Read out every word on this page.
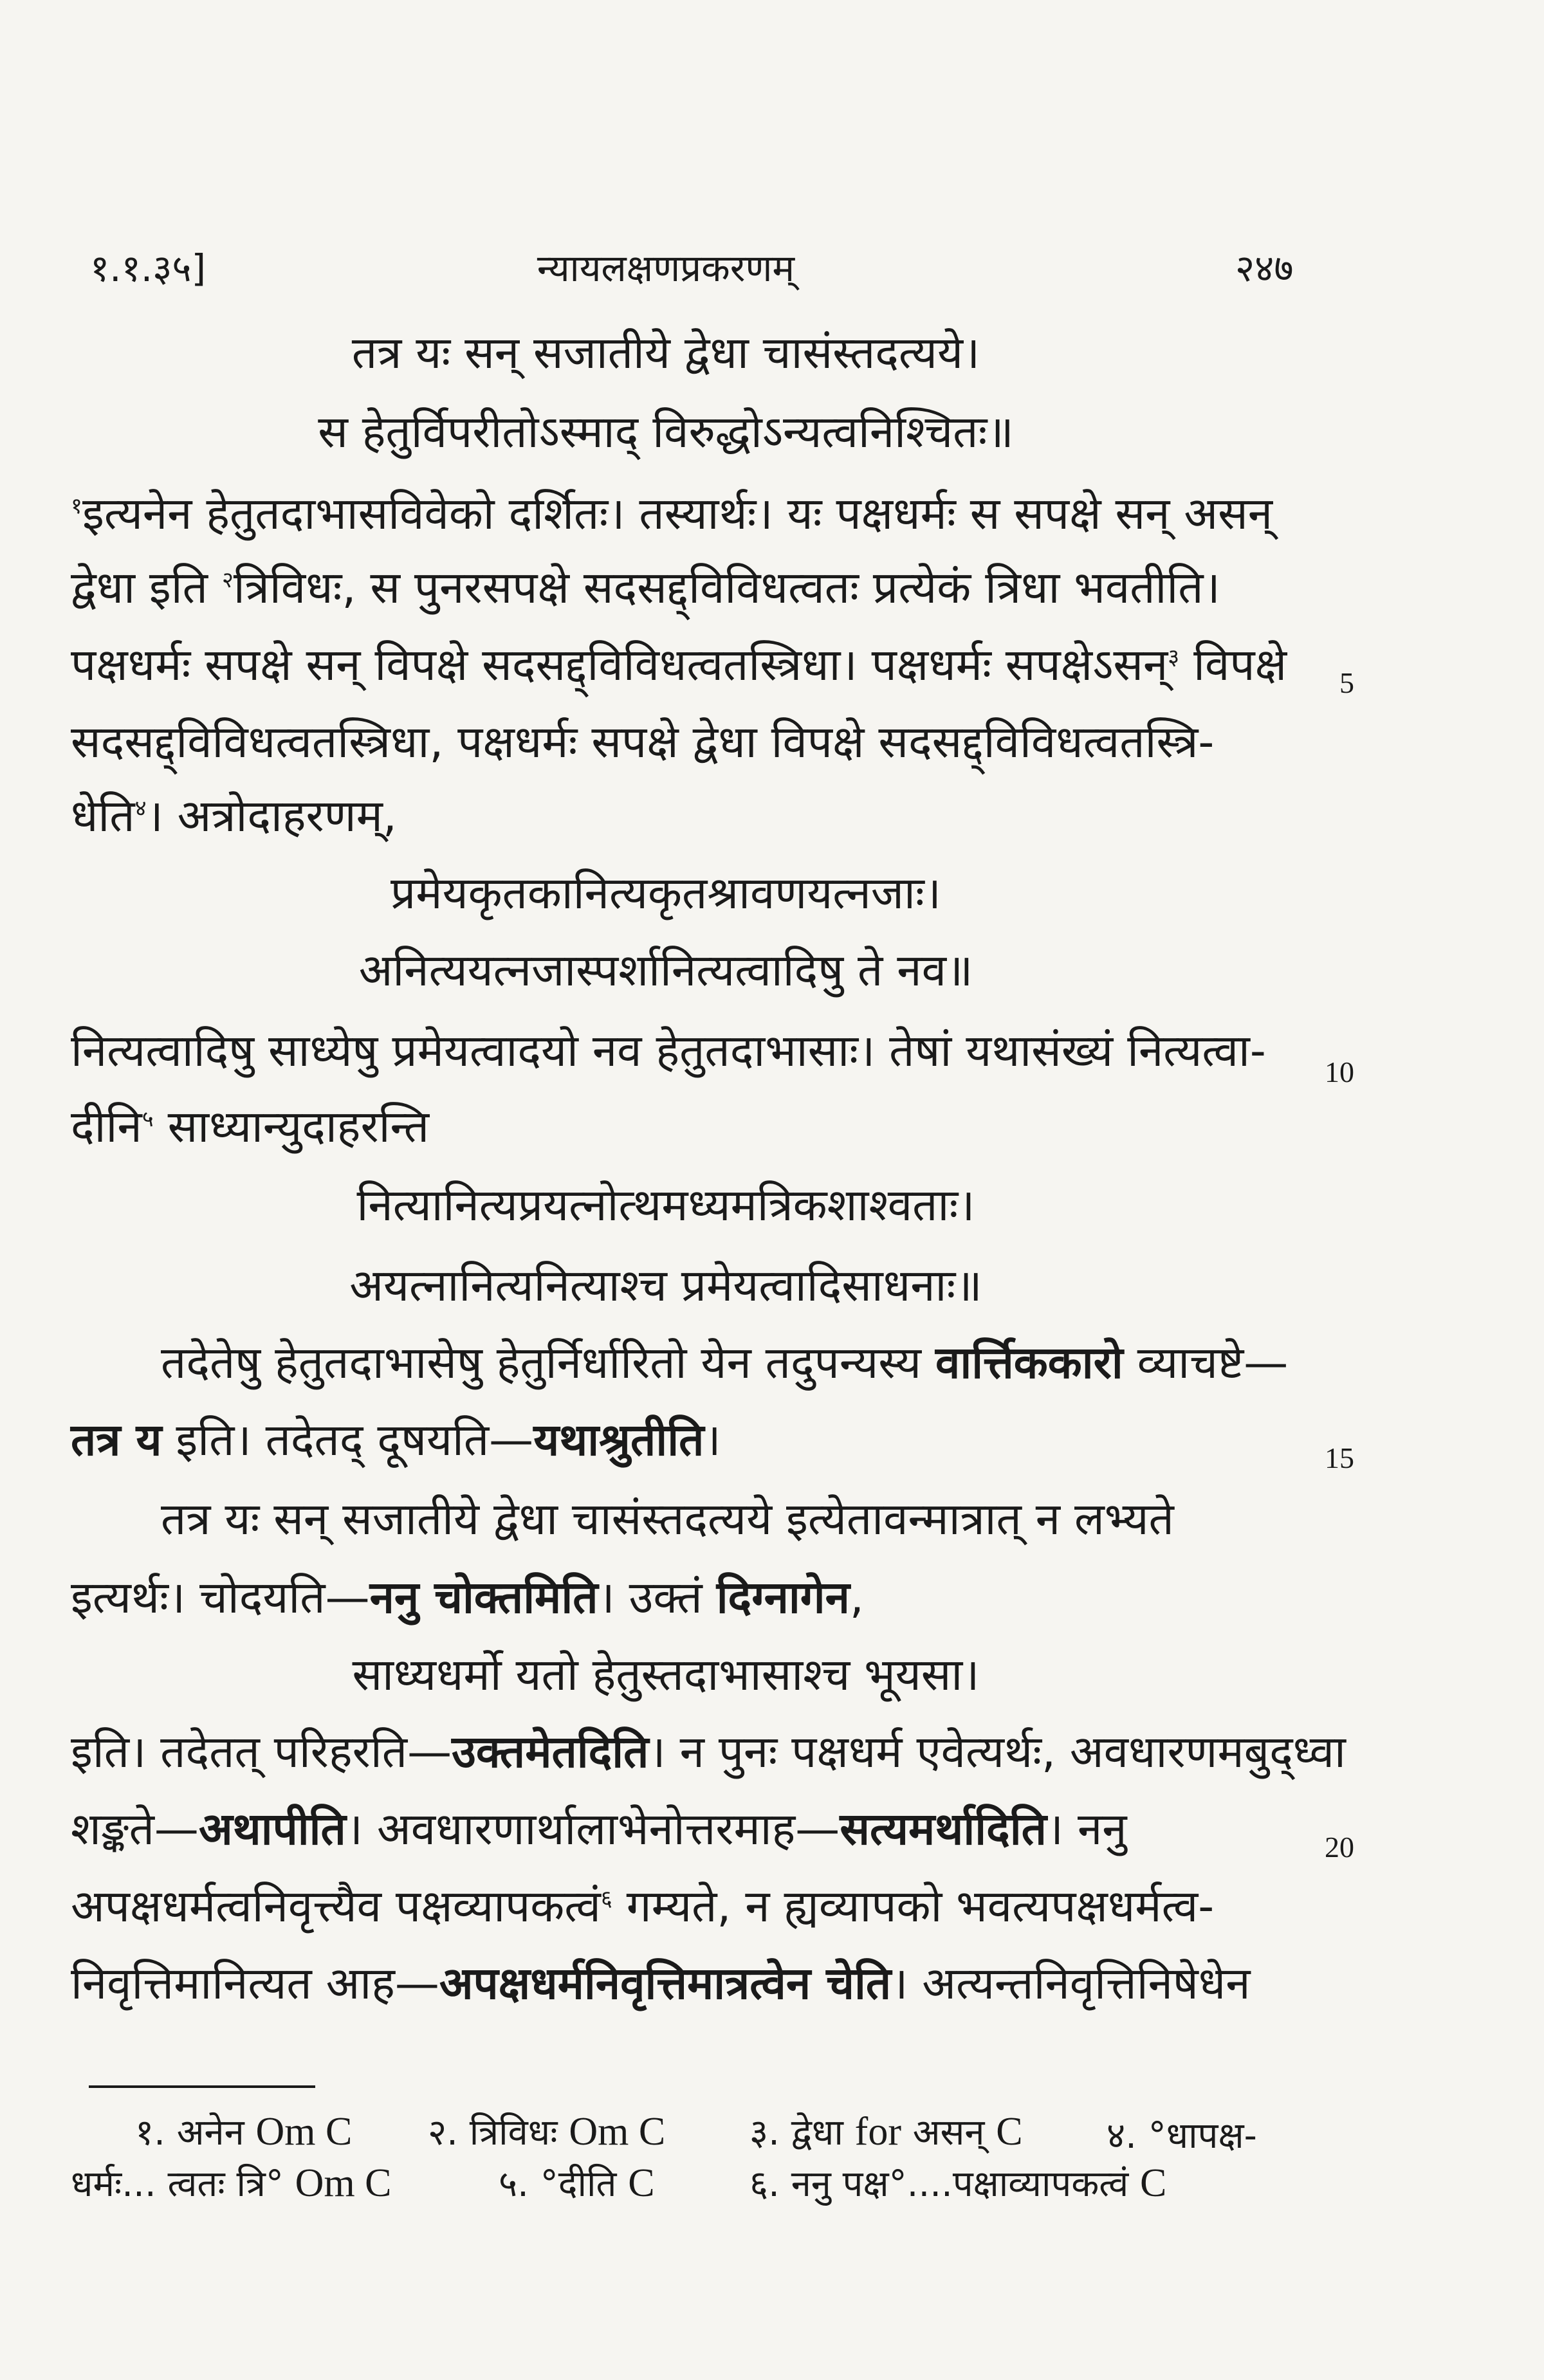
१.१.३५]	न्यायलक्षणप्रकरणम्	२४७
तत्र यः सन् सजातीये द्वेधा चासंस्तदत्यये।
स हेतुर्विपरीतोऽस्माद् विरुद्धोऽन्यत्वनिश्चितः॥
$^१$इत्यनेन हेतुतदाभासविवेको दर्शितः। तस्यार्थः। यः पक्षधर्मः स सपक्षे सन् असन्
द्वेधा इति $^२$त्रिविधः, स पुनरसपक्षे सदसद्द्विविधत्वतः प्रत्येकं त्रिधा भवतीति।
पक्षधर्मः सपक्षे सन् विपक्षे सदसद्द्विविधत्वतस्त्रिधा। पक्षधर्मः सपक्षेऽसन्$^३$ विपक्षे
सदसद्द्विविधत्वतस्त्रिधा, पक्षधर्मः सपक्षे द्वेधा विपक्षे सदसद्द्विविधत्वतस्त्रि-
धेति$^४$। अत्रोदाहरणम्,
प्रमेयकृतकानित्यकृतश्रावणयत्नजाः।
अनित्ययत्नजास्पर्शानित्यत्वादिषु ते नव॥
नित्यत्वादिषु साध्येषु प्रमेयत्वादयो नव हेतुतदाभासाः। तेषां यथासंख्यं नित्यत्वा-
दीनि$^५$ साध्यान्युदाहरन्ति
नित्यानित्यप्रयत्नोत्थमध्यमत्रिकशाश्वताः।
अयत्नानित्यनित्याश्च प्रमेयत्वादिसाधनाः॥
तदेतेषु हेतुतदाभासेषु हेतुर्निर्धारितो येन तदुपन्यस्य वार्त्तिककारो व्याचष्टे—
तत्र य इति। तदेतद् दूषयति—यथाश्रुतीति।
तत्र यः सन् सजातीये द्वेधा चासंस्तदत्यये इत्येतावन्मात्रात् न लभ्यते
इत्यर्थः। चोदयति—ननु चोक्तमिति। उक्तं दिग्नागेन,
साध्यधर्मो यतो हेतुस्तदाभासाश्च भूयसा।
इति। तदेतत् परिहरति—उक्तमेतदिति। न पुनः पक्षधर्म एवेत्यर्थः, अवधारणमबुद्ध्वा
शङ्कते—अथापीति। अवधारणार्थालाभेनोत्तरमाह—सत्यमर्थादिति। ननु
अपक्षधर्मत्वनिवृत्त्यैव पक्षव्यापकत्वं$^६$ गम्यते, न ह्यव्यापको भवत्यपक्षधर्मत्व-
निवृत्तिमानित्यत आह—अपक्षधर्मनिवृत्तिमात्रत्वेन चेति। अत्यन्तनिवृत्तिनिषेधेन
5
10
15
20
१. अनेन Om C २. त्रिविधः Om C ३. द्वेधा for असन् C ४. °धापक्ष-
धर्मः... त्वतः त्रि° Om C	५. °दीति C	६. ननु पक्ष°....पक्षाव्यापकत्वं C
